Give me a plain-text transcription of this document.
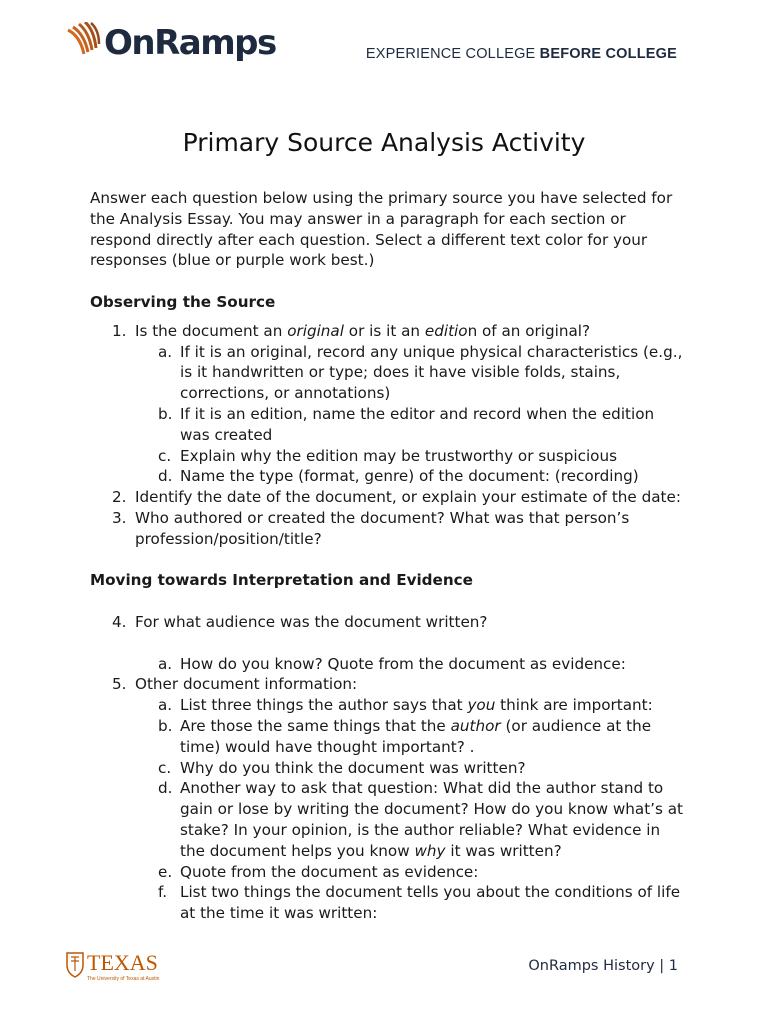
OnRamps	EXPERIENCE COLLEGE BEFORE COLLEGE
Primary Source Analysis Activity

Answer each question below using the primary source you have selected for the Analysis Essay. You may answer in a paragraph for each section or respond directly after each question. Select a different text color for your responses (blue or purple work best.)

Observing the Source
1. Is the document an original or is it an edition of an original?
a. If it is an original, record any unique physical characteristics (e.g., is it handwritten or type; does it have visible folds, stains, corrections, or annotations)
b. If it is an edition, name the editor and record when the edition was created
c. Explain why the edition may be trustworthy or suspicious
d. Name the type (format, genre) of the document: (recording)
2. Identify the date of the document, or explain your estimate of the date:
3. Who authored or created the document? What was that person’s profession/position/title?
Moving towards Interpretation and Evidence
4. For what audience was the document written?
a. How do you know? Quote from the document as evidence:
5. Other document information:
a. List three things the author says that you think are important:
b. Are those the same things that the author (or audience at the time) would have thought important? .
c. Why do you think the document was written?
d. Another way to ask that question: What did the author stand to gain or lose by writing the document? How do you know what’s at stake? In your opinion, is the author reliable? What evidence in the document helps you know why it was written?
e. Quote from the document as evidence:
f. List two things the document tells you about the conditions of life at the time it was written:
TEXAS
The University of Texas at Austin
OnRamps History | 1
